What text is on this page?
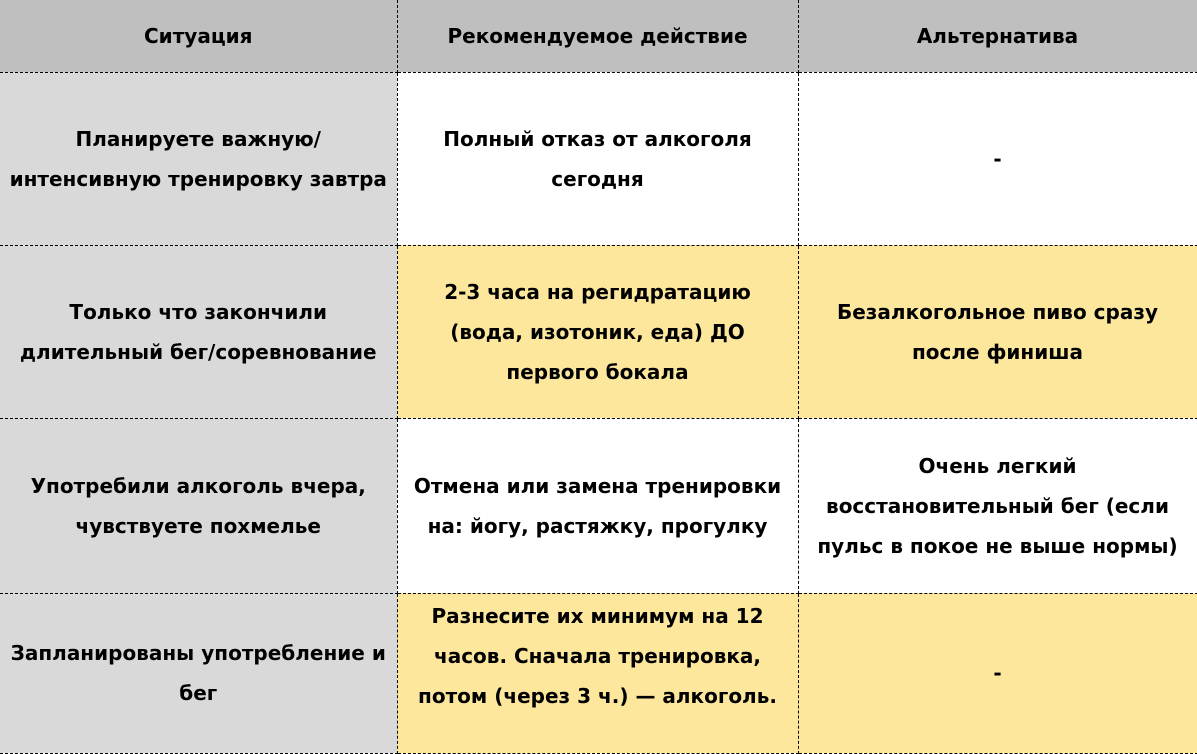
Ситуация	Рекомендуемое действие	Альтернатива
Планируете важную/интенсивную тренировку завтра	Полный отказ от алкоголя сегодня	-
Только что закончили длительный бег/соревнование	2-3 часа на регидратацию (вода, изотоник, еда) ДО первого бокала	Безалкогольное пиво сразу после финиша
Употребили алкоголь вчера, чувствуете похмелье	Отмена или замена тренировки на: йогу, растяжку, прогулку	Очень легкий восстановительный бег (если пульс в покое не выше нормы)
Запланированы употребление и бег	Разнесите их минимум на 12 часов. Сначала тренировка, потом (через 3 ч.) — алкоголь.	-
